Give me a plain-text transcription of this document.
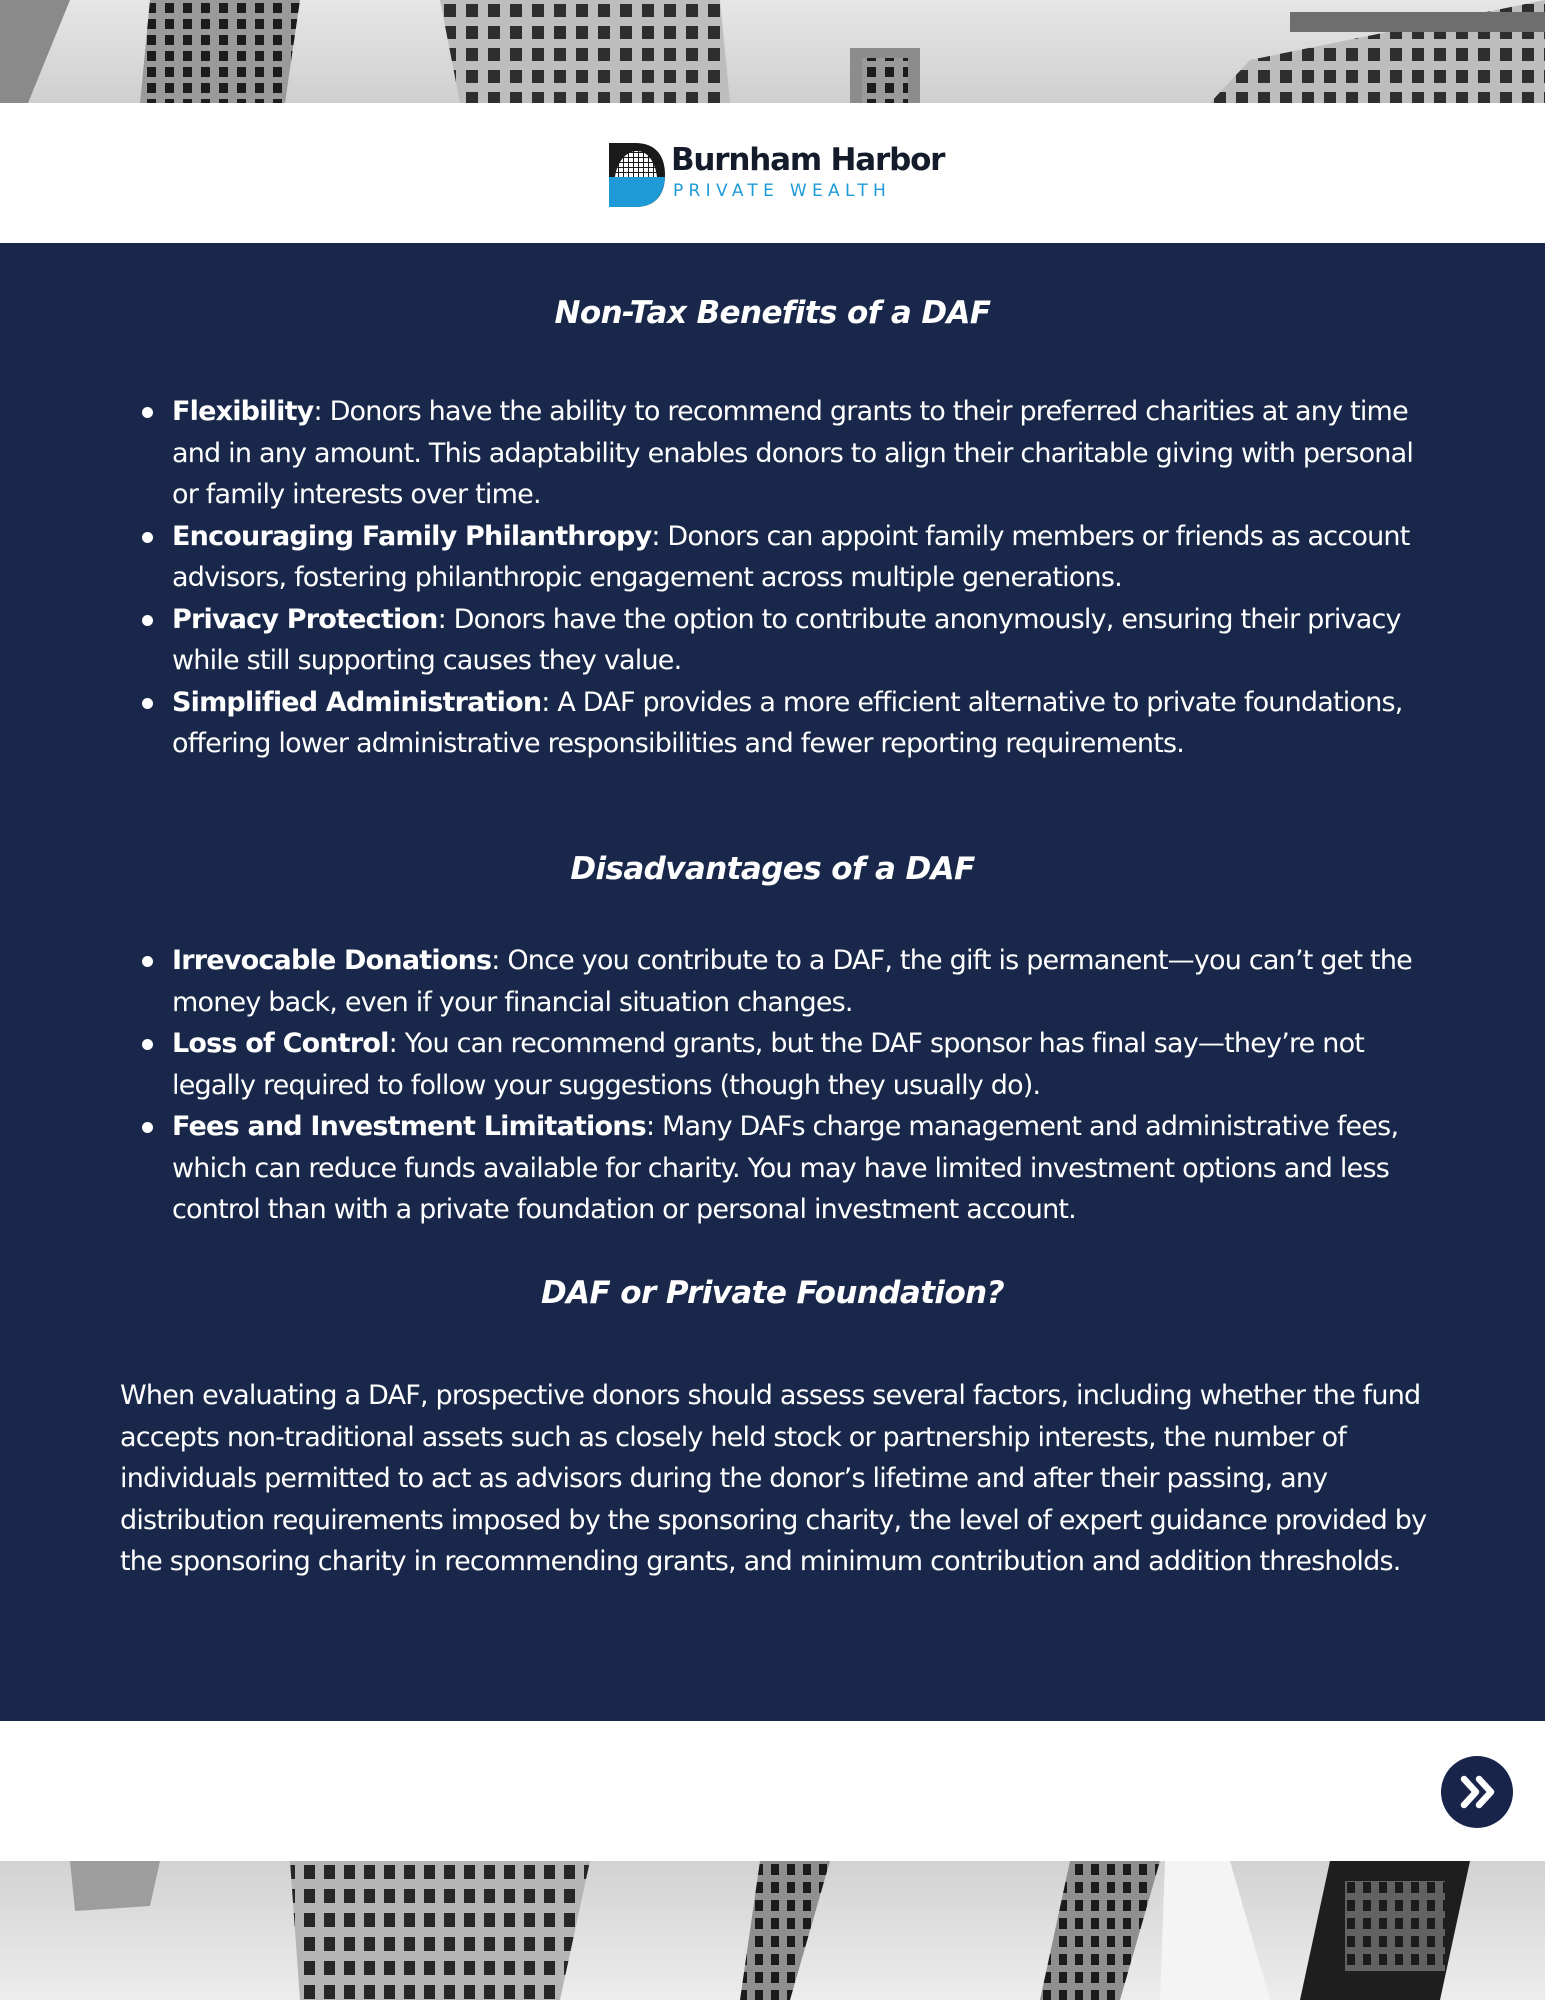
Burnham Harbor
PRIVATE WEALTH
Non-Tax Benefits of a DAF
Flexibility: Donors have the ability to recommend grants to their preferred charities at any time and in any amount. This adaptability enables donors to align their charitable giving with personal or family interests over time.
Encouraging Family Philanthropy: Donors can appoint family members or friends as account advisors, fostering philanthropic engagement across multiple generations.
Privacy Protection: Donors have the option to contribute anonymously, ensuring their privacy while still supporting causes they value.
Simplified Administration: A DAF provides a more efficient alternative to private foundations, offering lower administrative responsibilities and fewer reporting requirements.
Disadvantages of a DAF
Irrevocable Donations: Once you contribute to a DAF, the gift is permanent—you can’t get the money back, even if your financial situation changes.
Loss of Control: You can recommend grants, but the DAF sponsor has final say—they’re not legally required to follow your suggestions (though they usually do).
Fees and Investment Limitations: Many DAFs charge management and administrative fees, which can reduce funds available for charity. You may have limited investment options and less control than with a private foundation or personal investment account.
DAF or Private Foundation?

When evaluating a DAF, prospective donors should assess several factors, including whether the fund accepts non-traditional assets such as closely held stock or partnership interests, the number of individuals permitted to act as advisors during the donor’s lifetime and after their passing, any distribution requirements imposed by the sponsoring charity, the level of expert guidance provided by the sponsoring charity in recommending grants, and minimum contribution and addition thresholds.
